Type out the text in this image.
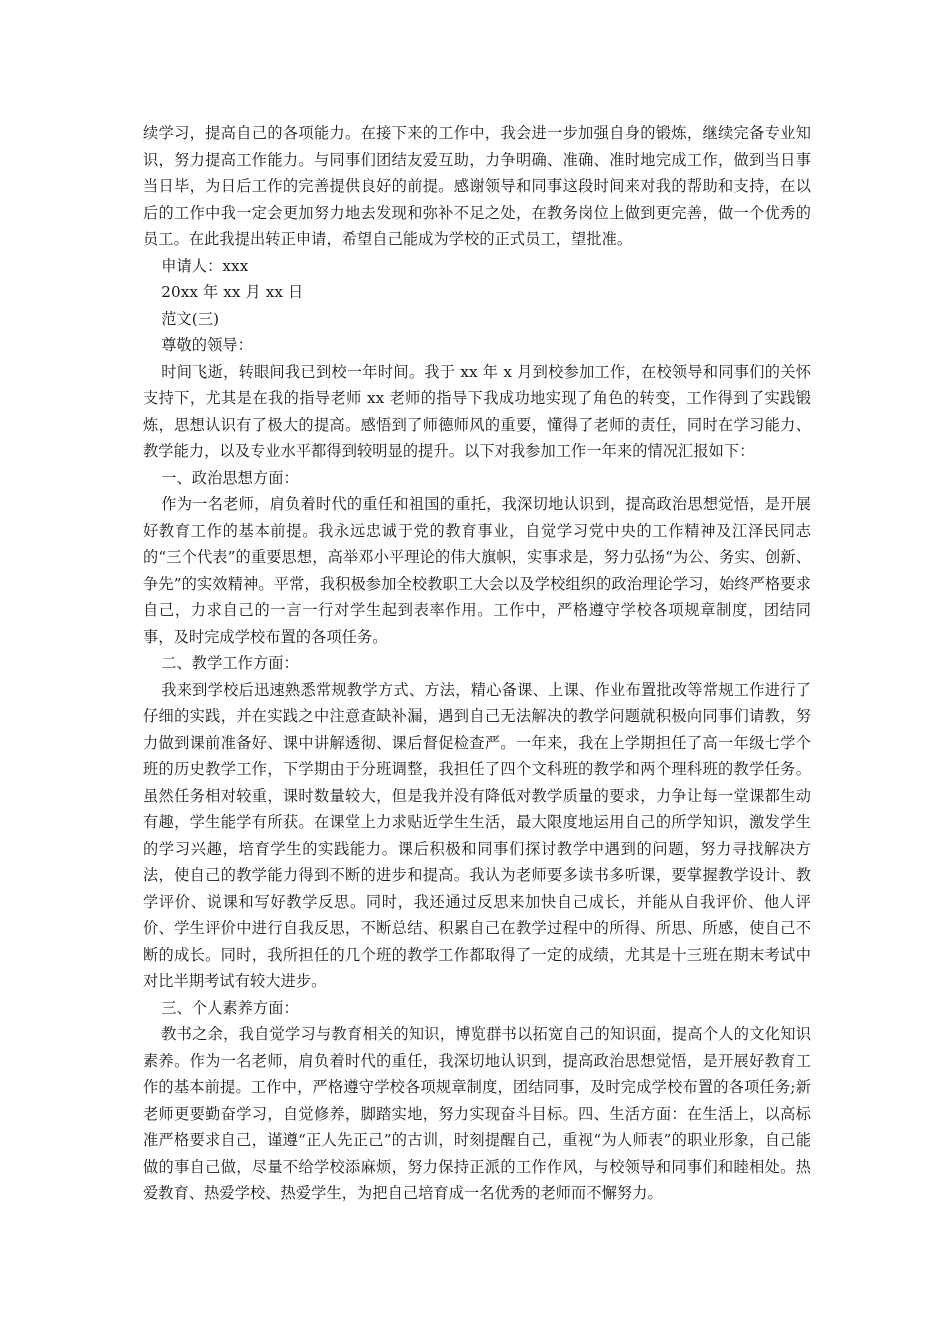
续学习，提高自己的各项能力。在接下来的工作中，我会进一步加强自身的锻炼，继续完备专业知识，努力提高工作能力。与同事们团结友爱互助，力争明确、准确、准时地完成工作，做到当日事当日毕，为日后工作的完善提供良好的前提。感谢领导和同事这段时间来对我的帮助和支持，在以后的工作中我一定会更加努力地去发现和弥补不足之处，在教务岗位上做到更完善，做一个优秀的员工。在此我提出转正申请，希望自己能成为学校的正式员工，望批准。

申请人：xxx

20xx 年 xx 月 xx 日

范文(三)

尊敬的领导：

时间飞逝，转眼间我已到校一年时间。我于 xx 年 x 月到校参加工作，在校领导和同事们的关怀支持下，尤其是在我的指导老师 xx 老师的指导下我成功地实现了角色的转变，工作得到了实践锻炼，思想认识有了极大的提高。感悟到了师德师风的重要，懂得了老师的责任，同时在学习能力、教学能力，以及专业水平都得到较明显的提升。以下对我参加工作一年来的情况汇报如下：

一、政治思想方面：

作为一名老师，肩负着时代的重任和祖国的重托，我深切地认识到，提高政治思想觉悟，是开展好教育工作的基本前提。我永远忠诚于党的教育事业，自觉学习党中央的工作精神及江泽民同志的“三个代表”的重要思想，高举邓小平理论的伟大旗帜，实事求是，努力弘扬“为公、务实、创新、争先”的实效精神。平常，我积极参加全校教职工大会以及学校组织的政治理论学习，始终严格要求自己，力求自己的一言一行对学生起到表率作用。工作中，严格遵守学校各项规章制度，团结同事，及时完成学校布置的各项任务。

二、教学工作方面：

我来到学校后迅速熟悉常规教学方式、方法，精心备课、上课、作业布置批改等常规工作进行了仔细的实践，并在实践之中注意查缺补漏，遇到自己无法解决的教学问题就积极向同事们请教，努力做到课前准备好、课中讲解透彻、课后督促检查严。一年来，我在上学期担任了高一年级七学个班的历史教学工作，下学期由于分班调整，我担任了四个文科班的教学和两个理科班的教学任务。虽然任务相对较重，课时数量较大，但是我并没有降低对教学质量的要求，力争让每一堂课都生动有趣，学生能学有所获。在课堂上力求贴近学生生活，最大限度地运用自己的所学知识，激发学生的学习兴趣，培育学生的实践能力。课后积极和同事们探讨教学中遇到的问题，努力寻找解决方法，使自己的教学能力得到不断的进步和提高。我认为老师要多读书多听课，要掌握教学设计、教学评价、说课和写好教学反思。同时，我还通过反思来加快自己成长，并能从自我评价、他人评价、学生评价中进行自我反思，不断总结、积累自己在教学过程中的所得、所思、所感，使自己不断的成长。同时，我所担任的几个班的教学工作都取得了一定的成绩，尤其是十三班在期末考试中对比半期考试有较大进步。

三、个人素养方面：

教书之余，我自觉学习与教育相关的知识，博览群书以拓宽自己的知识面，提高个人的文化知识素养。作为一名老师，肩负着时代的重任，我深切地认识到，提高政治思想觉悟，是开展好教育工作的基本前提。工作中，严格遵守学校各项规章制度，团结同事，及时完成学校布置的各项任务;新老师更要勤奋学习，自觉修养，脚踏实地，努力实现奋斗目标。四、生活方面：在生活上，以高标准严格要求自己，谨遵“正人先正己”的古训，时刻提醒自己，重视“为人师表”的职业形象，自己能做的事自己做，尽量不给学校添麻烦，努力保持正派的工作作风，与校领导和同事们和睦相处。热爱教育、热爱学校、热爱学生，为把自己培育成一名优秀的老师而不懈努力。
